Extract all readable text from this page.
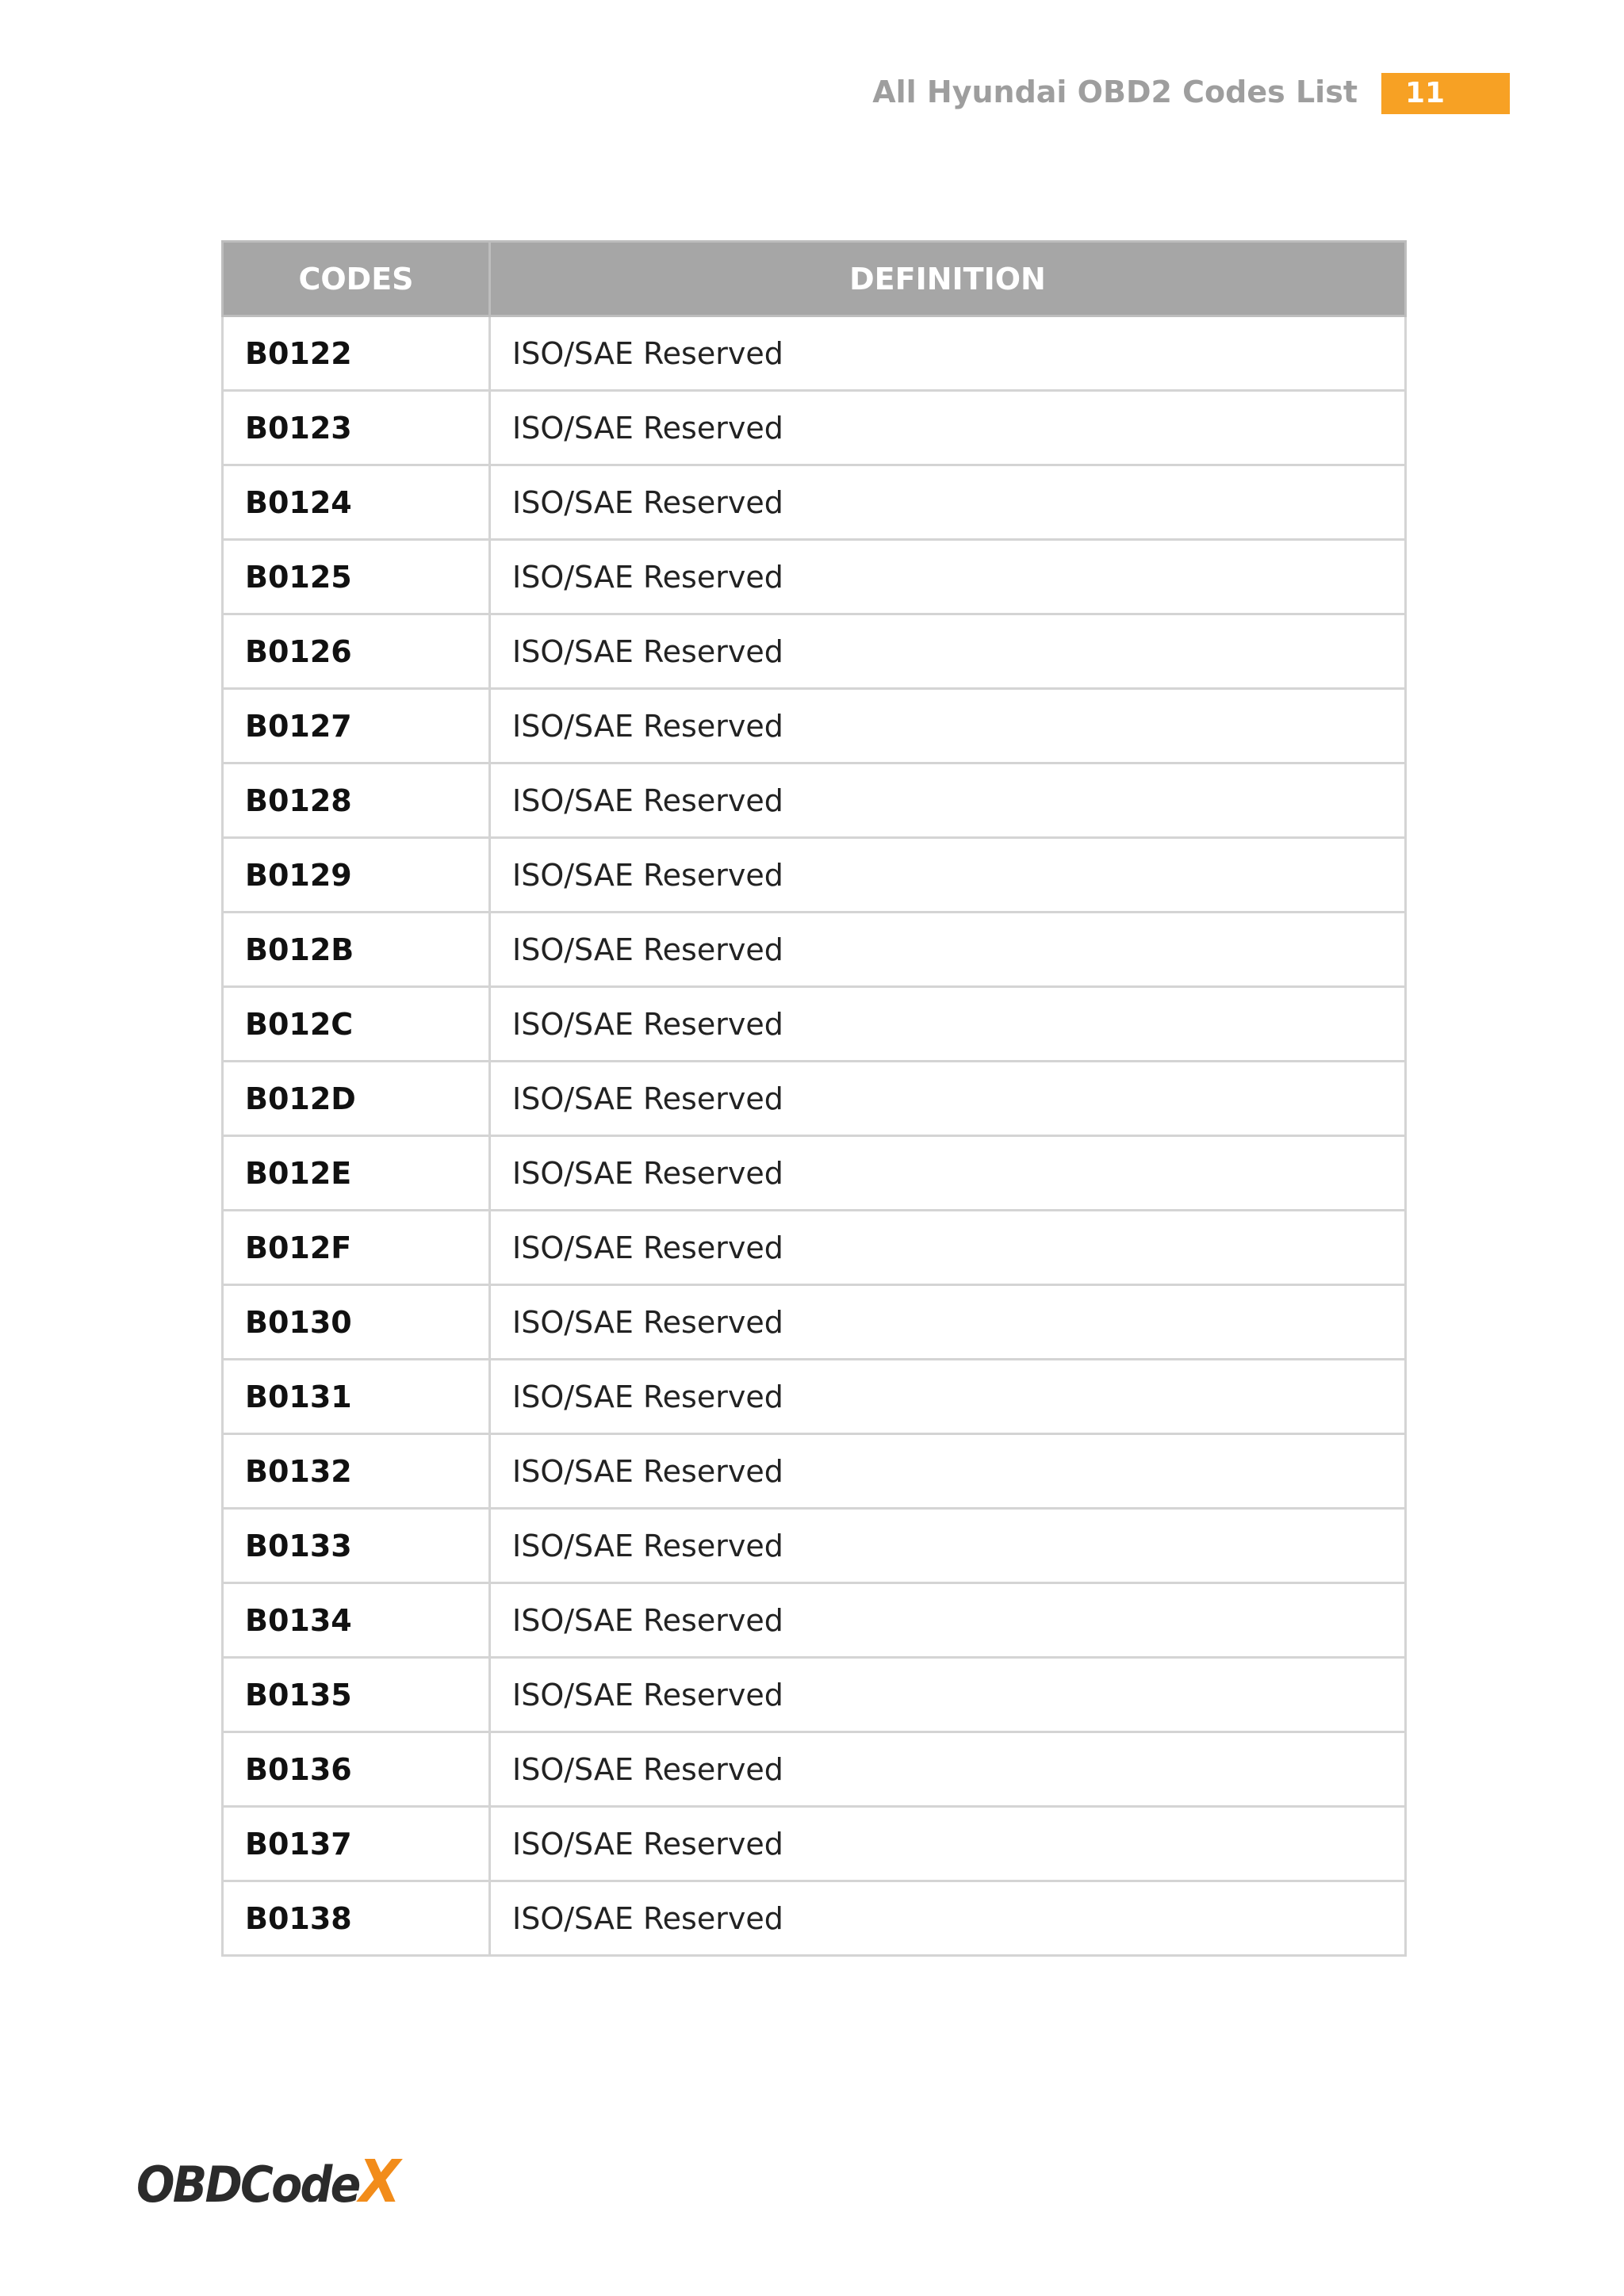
All Hyundai OBD2 Codes List	11
CODES	DEFINITION
B0122	ISO/SAE Reserved
B0123	ISO/SAE Reserved
B0124	ISO/SAE Reserved
B0125	ISO/SAE Reserved
B0126	ISO/SAE Reserved
B0127	ISO/SAE Reserved
B0128	ISO/SAE Reserved
B0129	ISO/SAE Reserved
B012B	ISO/SAE Reserved
B012C	ISO/SAE Reserved
B012D	ISO/SAE Reserved
B012E	ISO/SAE Reserved
B012F	ISO/SAE Reserved
B0130	ISO/SAE Reserved
B0131	ISO/SAE Reserved
B0132	ISO/SAE Reserved
B0133	ISO/SAE Reserved
B0134	ISO/SAE Reserved
B0135	ISO/SAE Reserved
B0136	ISO/SAE Reserved
B0137	ISO/SAE Reserved
B0138	ISO/SAE Reserved
OBDCodeX
